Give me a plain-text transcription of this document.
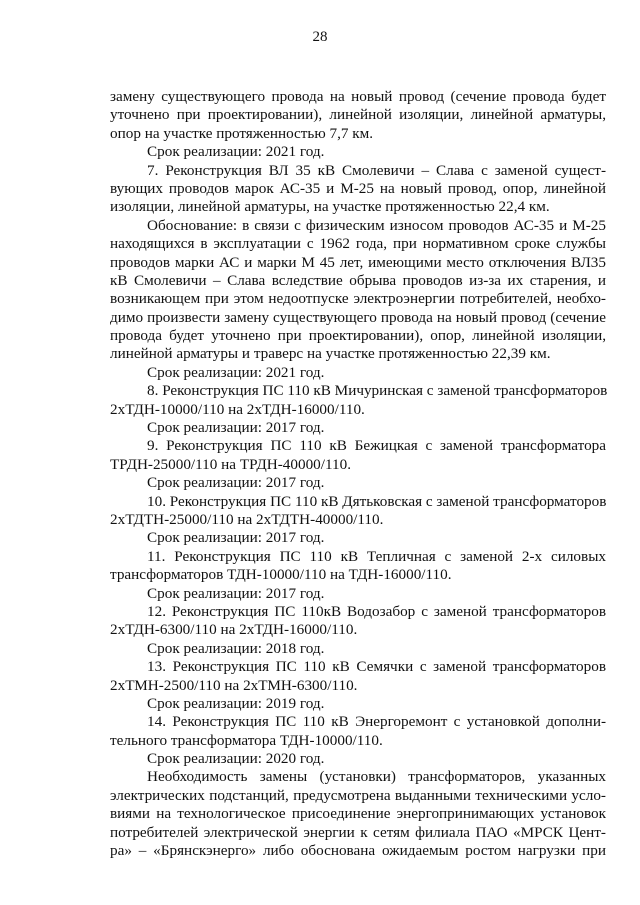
28
замену существующего провода на новый провод (сечение провода будет
уточнено при проектировании), линейной изоляции, линейной арматуры,
опор на участке протяженностью 7,7 км.
Срок реализации: 2021 год.
7. Реконструкция ВЛ 35 кВ Смолевичи – Слава с заменой сущест-
вующих проводов марок АС-35 и М-25 на новый провод, опор, линейной
изоляции, линейной арматуры, на участке протяженностью 22,4 км.
Обоснование: в связи с физическим износом проводов АС-35 и М-25
находящихся в эксплуатации с 1962 года, при нормативном сроке службы
проводов марки АС и марки М 45 лет, имеющими место отключения ВЛ35
кВ Смолевичи – Слава вследствие обрыва проводов из-за их старения, и
возникающем при этом недоотпуске электроэнергии потребителей, необхо-
димо произвести замену существующего провода на новый провод (сечение
провода будет уточнено при проектировании), опор, линейной изоляции,
линейной арматуры и траверс на участке протяженностью 22,39 км.
Срок реализации: 2021 год.
8. Реконструкция ПС 110 кВ Мичуринская с заменой трансформаторов
2хТДН-10000/110 на 2хТДН-16000/110.
Срок реализации: 2017 год.
9. Реконструкция ПС 110 кВ Бежицкая с заменой трансформатора
ТРДН-25000/110 на ТРДН-40000/110.
Срок реализации: 2017 год.
10. Реконструкция ПС 110 кВ Дятьковская с заменой трансформаторов
2хТДТН-25000/110 на 2хТДТН-40000/110.
Срок реализации: 2017 год.
11. Реконструкция ПС 110 кВ Тепличная с заменой 2-х силовых
трансформаторов ТДН-10000/110 на ТДН-16000/110.
Срок реализации: 2017 год.
12. Реконструкция ПС 110кВ Водозабор с заменой трансформаторов
2хТДН-6300/110 на 2хТДН-16000/110.
Срок реализации: 2018 год.
13. Реконструкция ПС 110 кВ Семячки с заменой трансформаторов
2хТМН-2500/110 на 2хТМН-6300/110.
Срок реализации: 2019 год.
14. Реконструкция ПС 110 кВ Энергоремонт с установкой дополни-
тельного трансформатора ТДН-10000/110.
Срок реализации: 2020 год.
Необходимость замены (установки) трансформаторов, указанных
электрических подстанций, предусмотрена выданными техническими усло-
виями на технологическое присоединение энергопринимающих установок
потребителей электрической энергии к сетям филиала ПАО «МРСК Цент-
ра» – «Брянскэнерго» либо обоснована ожидаемым ростом нагрузки при
